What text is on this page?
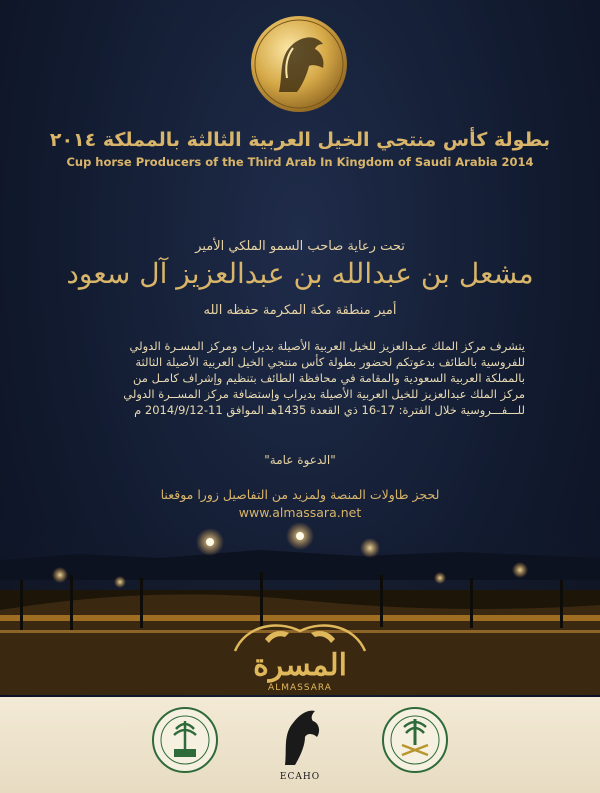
بطولة كأس منتجي الخيل العربية الثالثة بالمملكة ٢٠١٤
Cup horse Producers of the Third Arab In Kingdom of Saudi Arabia 2014
تحت رعاية صاحب السمو الملكي الأمير
مشعل بن عبدالله بن عبدالعزيز آل سعود
أمير منطقة مكة المكرمة حفظه الله
يتشرف مركز الملك عبـدالعزيز للخيل العربية الأصيلة بديراب ومركز المسـرة الدولي
للفروسية بالطائف بدعوتكم لحضور بطولة كأس منتجي الخيل العربية الأصيلة الثالثة
بالمملكة العربية السعودية والمقامة في محافظة الطائف بتنظيم وإشراف كامـل من
مركز الملك عبدالعزيز للخيل العربية الأصيلة بديراب وإستضافة مركز المســرة الدولي
للـــفـــروسية خلال الفترة: 17-16 ذي القعدة 1435هـ الموافق 11-2014/9/12 م
"الدعوة عامة"
لحجز طاولات المنصة ولمزيد من التفاصيل زورا موقعنا
www.almassara.net
المسرة
ALMASSARA
ECAHO
